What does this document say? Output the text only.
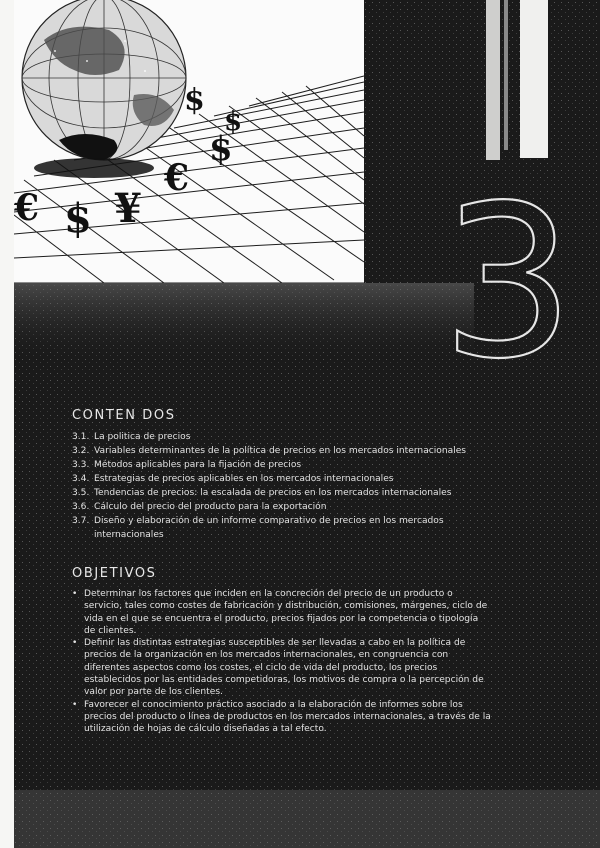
$
$
€
¥
$
€
$
3
CONTEN DOS
3.1. La politica de precios
3.2. Variables determinantes de la política de precios en los mercados internacionales
3.3. Métodos aplicables para la fijación de precios
3.4. Estrategias de precios aplicables en los mercados internacionales
3.5. Tendencias de precios: la escalada de precios en los mercados internacionales
3.6. Cálculo del precio del producto para la exportación
3.7. Diseño y elaboración de un informe comparativo de precios en los mercados internacionales
OBJETIVOS
• Determinar los factores que inciden en la concreción del precio de un producto o servicio, tales como costes de fabricación y distribución, comisiones, márgenes, ciclo de vida en el que se encuentra el producto, precios fijados por la competencia o tipología de clientes.
• Definir las distintas estrategias susceptibles de ser llevadas a cabo en la política de precios de la organización en los mercados internacionales, en congruencia con diferentes aspectos como los costes, el ciclo de vida del producto, los precios establecidos por las entidades competidoras, los motivos de compra o la percepción de valor por parte de los clientes.
• Favorecer el conocimiento práctico asociado a la elaboración de informes sobre los precios del producto o línea de productos en los mercados internacionales, a través de la utilización de hojas de cálculo diseñadas a tal efecto.
